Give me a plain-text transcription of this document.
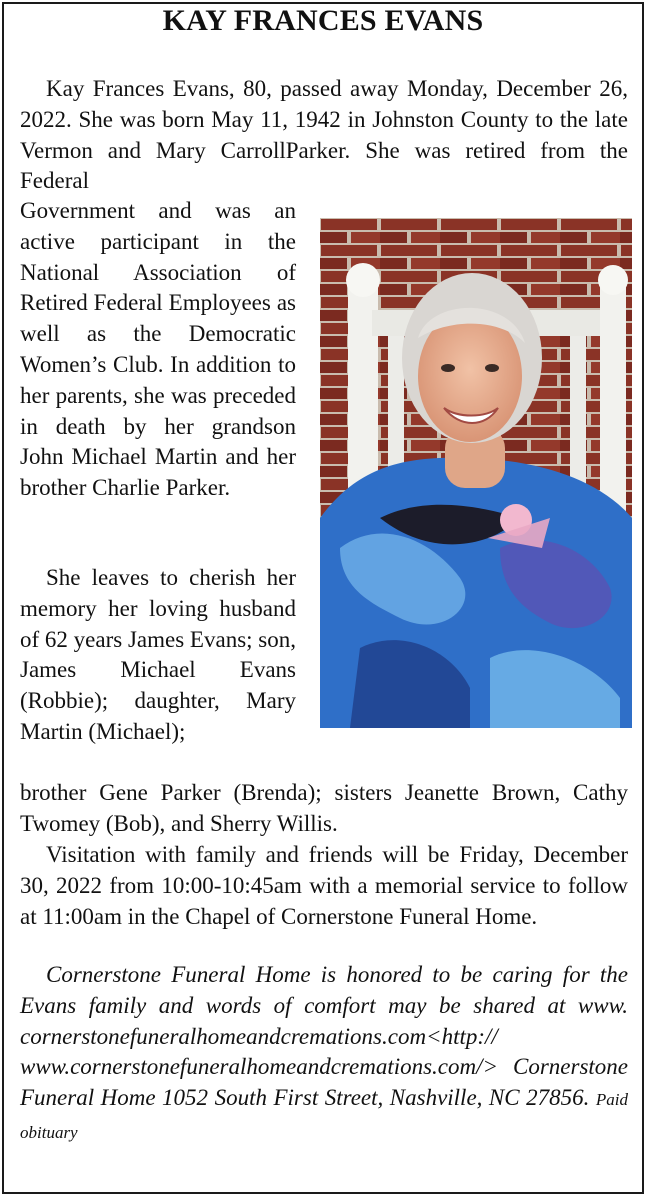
KAY FRANCES EVANS
Kay Frances Evans, 80, passed away Monday, December 26, 2022. She was born May 11, 1942 in Johnston County to the late Vermon and Mary CarrollParker. She was retired from the Federal
Government and was an active participant in the National Association of Retired Federal Employees as well as the Democratic Women’s Club. In addition to her parents, she was preceded in death by her grandson John Michael Martin and her brother Charlie Parker.
She leaves to cherish her memory her loving husband of 62 years James Evans; son, James Michael Evans (Robbie); daughter, Mary Martin (Michael);
brother Gene Parker (Brenda); sisters Jeanette Brown, Cathy Twomey (Bob), and Sherry Willis.
Visitation with family and friends will be Friday, December 30, 2022 from 10:00-10:45am with a memorial service to follow at 11:00am in the Chapel of Cornerstone Funeral Home.
Cornerstone Funeral Home is honored to be caring for the Evans family and words of comfort may be shared at www. cornerstonefuneralhomeandcremations.com<http:// www.cornerstonefuneralhomeandcremations.com/> Cornerstone Funeral Home 1052 South First Street, Nashville, NC 27856. Paid obituary
